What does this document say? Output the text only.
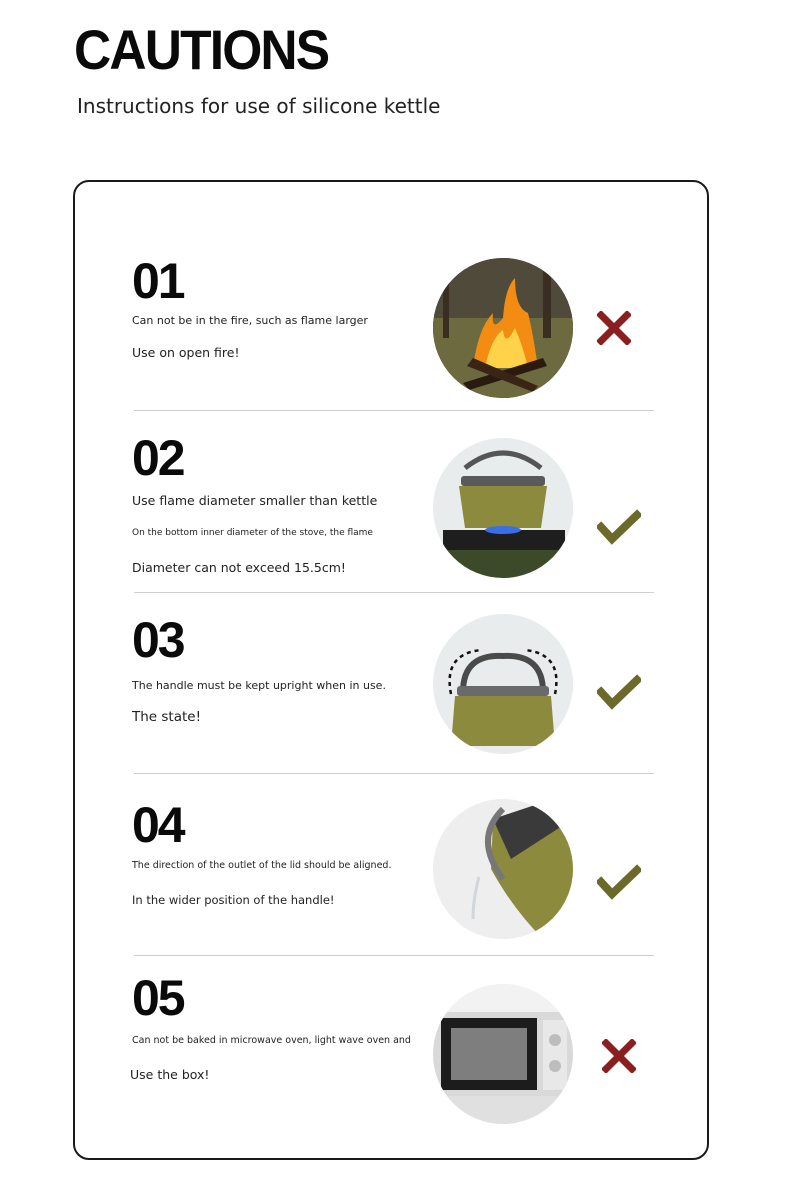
CAUTIONS
Instructions for use of silicone kettle
01
Can not be in the fire, such as flame larger
Use on open fire!
02
Use flame diameter smaller than kettle
On the bottom inner diameter of the stove, the flame
Diameter can not exceed 15.5cm!
03
The handle must be kept upright when in use.
The state!
04
The direction of the outlet of the lid should be aligned.
In the wider position of the handle!
05
Can not be baked in microwave oven, light wave oven and
Use the box!
